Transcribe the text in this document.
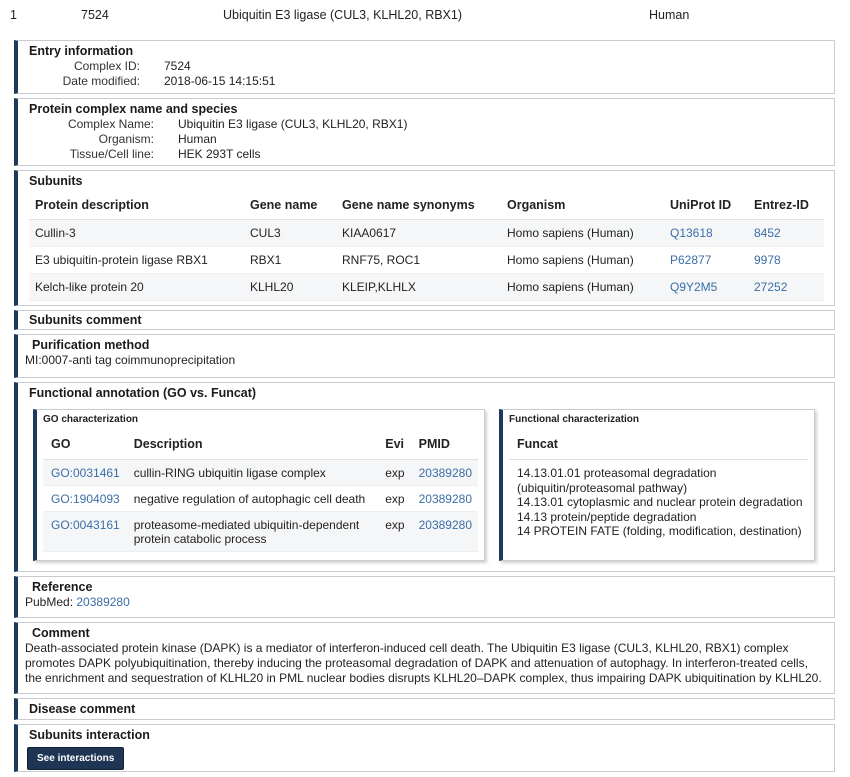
1	7524	Ubiquitin E3 ligase (CUL3, KLHL20, RBX1)	Human
Entry information
Complex ID: 7524
Date modified: 2018-06-15 14:15:51
Protein complex name and species
Complex Name: Ubiquitin E3 ligase (CUL3, KLHL20, RBX1)
Organism: Human
Tissue/Cell line: HEK 293T cells
Subunits
Protein description	Gene name	Gene name synonyms	Organism	UniProt ID	Entrez-ID
Cullin-3	CUL3	KIAA0617	Homo sapiens (Human)	Q13618	8452
E3 ubiquitin-protein ligase RBX1	RBX1	RNF75, ROC1	Homo sapiens (Human)	P62877	9978
Kelch-like protein 20	KLHL20	KLEIP,KLHLX	Homo sapiens (Human)	Q9Y2M5	27252
Subunits comment
Purification method
MI:0007-anti tag coimmunoprecipitation
Functional annotation (GO vs. Funcat)
GO characterization
GO	Description	Evi	PMID
GO:0031461	cullin-RING ubiquitin ligase complex	exp	20389280
GO:1904093	negative regulation of autophagic cell death	exp	20389280
GO:0043161	proteasome-mediated ubiquitin-dependent protein catabolic process	exp	20389280
Functional characterization
Funcat
14.13.01.01 proteasomal degradation (ubiquitin/proteasomal pathway)
14.13.01 cytoplasmic and nuclear protein degradation
14.13 protein/peptide degradation
14 PROTEIN FATE (folding, modification, destination)
Reference
PubMed: 20389280
Comment
Death-associated protein kinase (DAPK) is a mediator of interferon-induced cell death. The Ubiquitin E3 ligase (CUL3, KLHL20, RBX1) complex promotes DAPK polyubiquitination, thereby inducing the proteasomal degradation of DAPK and attenuation of autophagy. In interferon-treated cells, the enrichment and sequestration of KLHL20 in PML nuclear bodies disrupts KLHL20–DAPK complex, thus impairing DAPK ubiquitination by KLHL20.
Disease comment
Subunits interaction
See interactions
